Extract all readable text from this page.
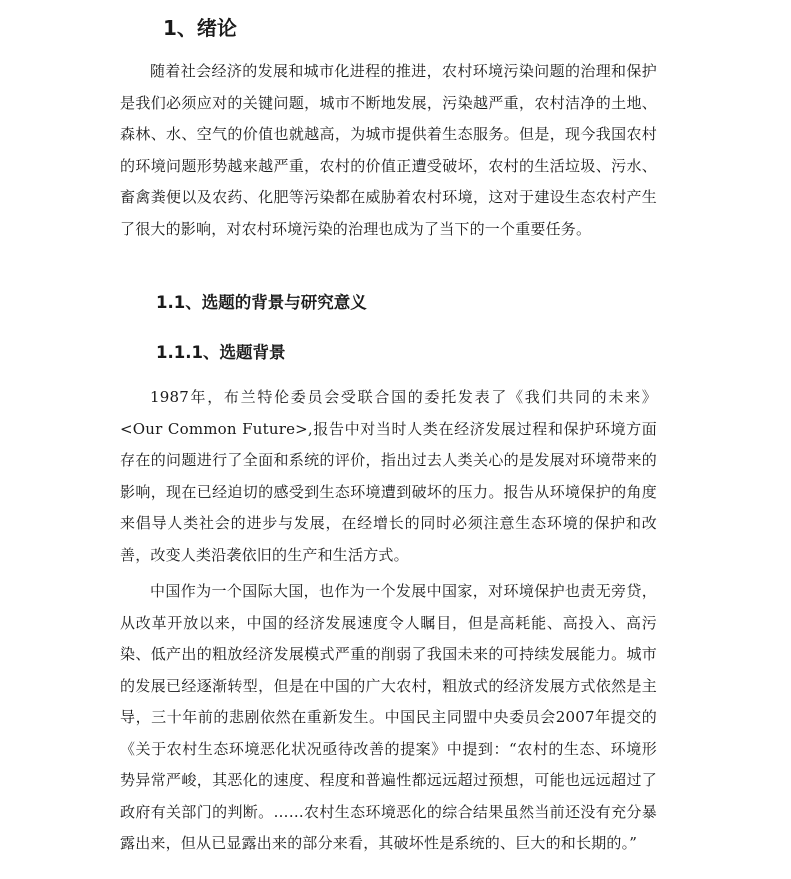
1、绪论

随着社会经济的发展和城市化进程的推进，农村环境污染问题的治理和保护是我们必须应对的关键问题，城市不断地发展，污染越严重，农村洁净的土地、森林、水、空气的价值也就越高，为城市提供着生态服务。但是，现今我国农村的环境问题形势越来越严重，农村的价值正遭受破坏，农村的生活垃圾、污水、畜禽粪便以及农药、化肥等污染都在威胁着农村环境，这对于建设生态农村产生了很大的影响，对农村环境污染的治理也成为了当下的一个重要任务。

1.1、选题的背景与研究意义
1.1.1、选题背景

1987年，布兰特伦委员会受联合国的委托发表了《我们共同的未来》<Our Common Future>,报告中对当时人类在经济发展过程和保护环境方面存在的问题进行了全面和系统的评价，指出过去人类关心的是发展对环境带来的影响，现在已经迫切的感受到生态环境遭到破坏的压力。报告从环境保护的角度来倡导人类社会的进步与发展，在经增长的同时必须注意生态环境的保护和改善，改变人类沿袭依旧的生产和生活方式。

中国作为一个国际大国，也作为一个发展中国家，对环境保护也责无旁贷，从改革开放以来，中国的经济发展速度令人瞩目，但是高耗能、高投入、高污染、低产出的粗放经济发展模式严重的削弱了我国未来的可持续发展能力。城市的发展已经逐渐转型，但是在中国的广大农村，粗放式的经济发展方式依然是主导，三十年前的悲剧依然在重新发生。中国民主同盟中央委员会2007年提交的《关于农村生态环境恶化状况亟待改善的提案》中提到：“农村的生态、环境形势异常严峻，其恶化的速度、程度和普遍性都远远超过预想，可能也远远超过了政府有关部门的判断。……农村生态环境恶化的综合结果虽然当前还没有充分暴露出来，但从已显露出来的部分来看，其破坏性是系统的、巨大的和长期的。”
